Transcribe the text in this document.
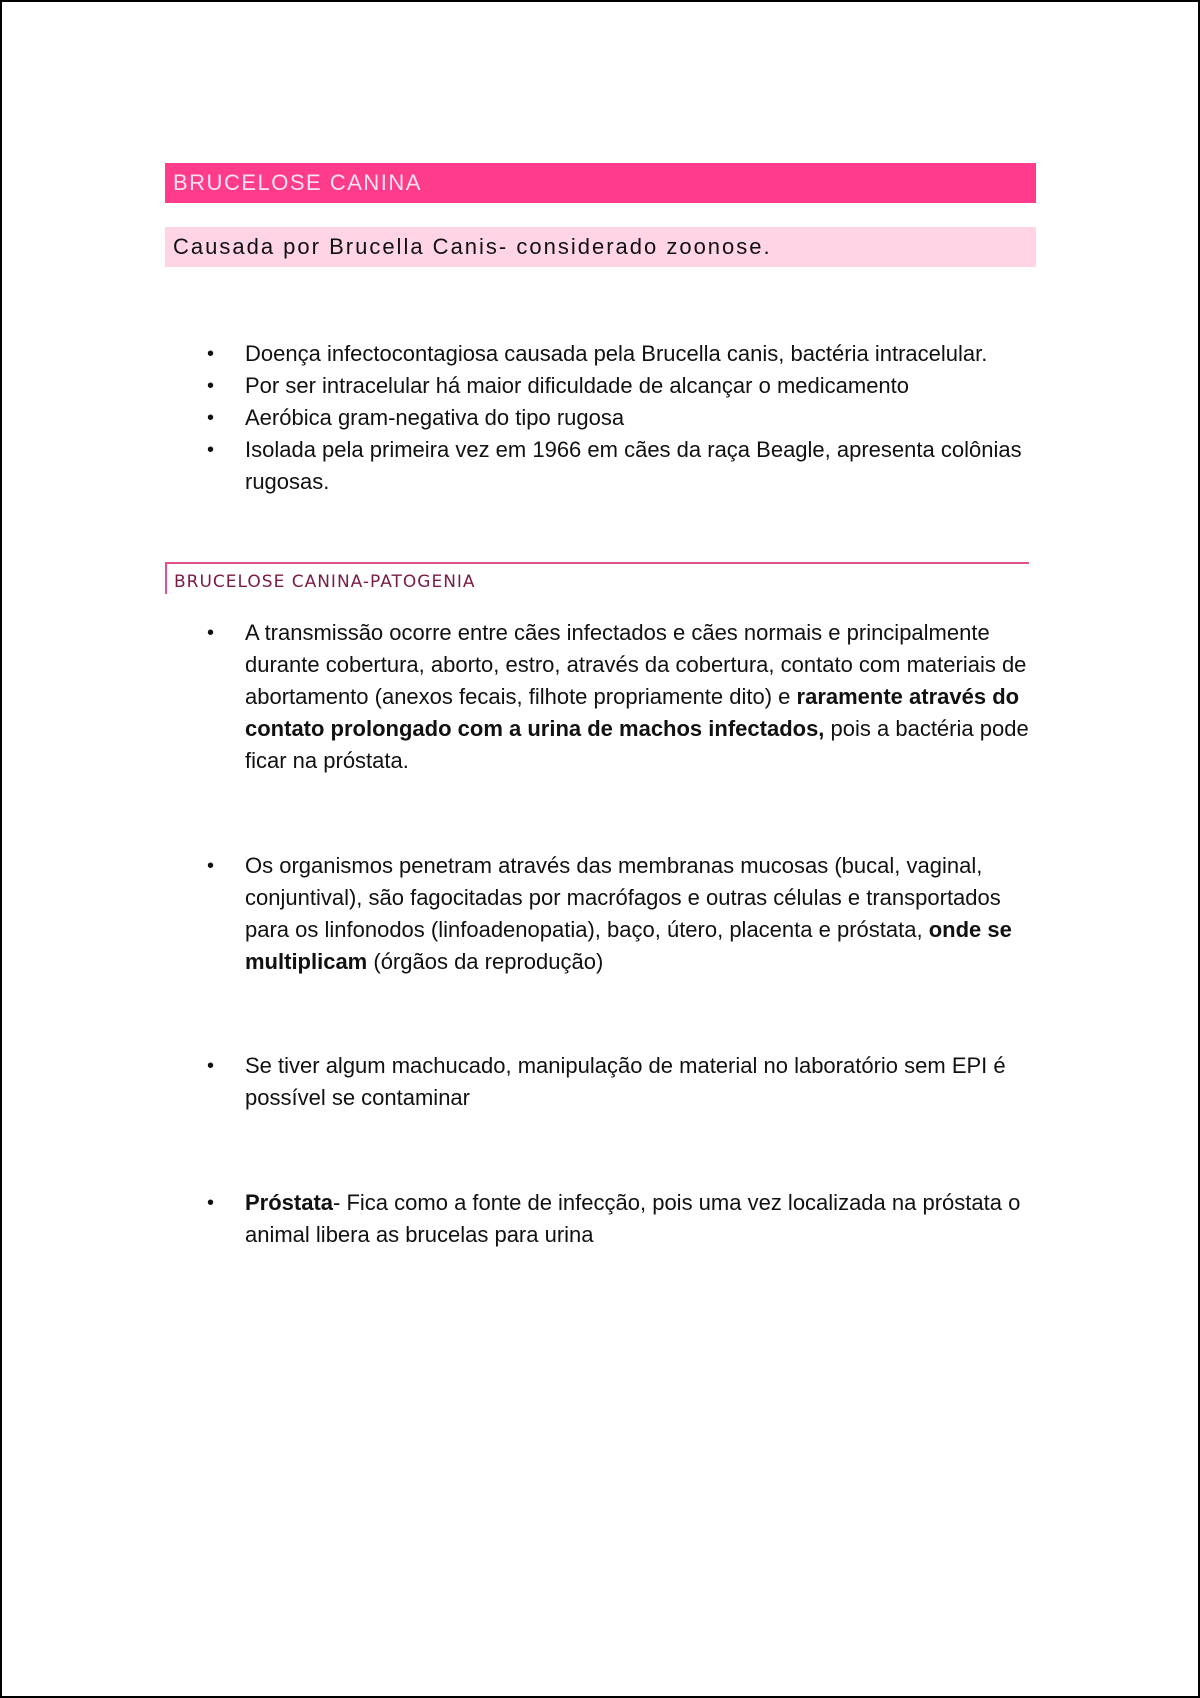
BRUCELOSE CANINA
Causada por Brucella Canis- considerado zoonose.
• Doença infectocontagiosa causada pela Brucella canis, bactéria intracelular.
• Por ser intracelular há maior dificuldade de alcançar o medicamento
• Aeróbica gram-negativa do tipo rugosa
• Isolada pela primeira vez em 1966 em cães da raça Beagle, apresenta colônias rugosas.
BRUCELOSE CANINA-PATOGENIA
• A transmissão ocorre entre cães infectados e cães normais e principalmente durante cobertura, aborto, estro, através da cobertura, contato com materiais de abortamento (anexos fecais, filhote propriamente dito) e raramente através do contato prolongado com a urina de machos infectados, pois a bactéria pode ficar na próstata.
• Os organismos penetram através das membranas mucosas (bucal, vaginal, conjuntival), são fagocitadas por macrófagos e outras células e transportados para os linfonodos (linfoadenopatia), baço, útero, placenta e próstata, onde se multiplicam (órgãos da reprodução)
• Se tiver algum machucado, manipulação de material no laboratório sem EPI é possível se contaminar
• Próstata- Fica como a fonte de infecção, pois uma vez localizada na próstata o animal libera as brucelas para urina
